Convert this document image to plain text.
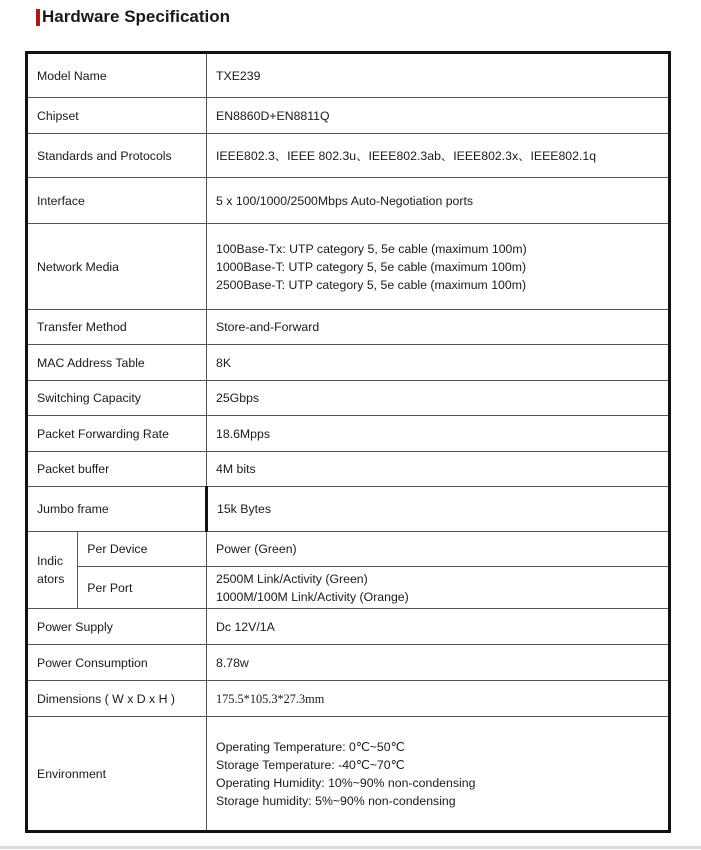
Hardware Specification
Model Name		TXE239
Chipset		EN8860D+EN8811Q
Standards and Protocols		IEEE802.3、IEEE 802.3u、IEEE802.3ab、IEEE802.3x、IEEE802.1q
Interface		5 x 100/1000/2500Mbps Auto-Negotiation ports
Network Media		100Base-Tx: UTP category 5, 5e cable (maximum 100m)
1000Base-T: UTP category 5, 5e cable (maximum 100m)
2500Base-T: UTP category 5, 5e cable (maximum 100m)

Transfer Method		Store-and-Forward
MAC Address Table		8K
Switching Capacity		25Gbps
Packet Forwarding Rate		18.6Mpps
Packet buffer		4M bits
Jumbo frame		15k Bytes

Indic
ators	Per Device	Power (Green)
	Per Port	2500M Link/Activity (Green)
1000M/100M Link/Activity (Orange)

Power Supply		Dc 12V/1A
Power Consumption		8.78w
Dimensions ( W x D x H )		175.5*105.3*27.3mm
Environment		Operating Temperature: 0℃~50℃
Storage Temperature: -40℃~70℃
Operating Humidity: 10%~90% non-condensing
Storage humidity: 5%~90% non-condensing
